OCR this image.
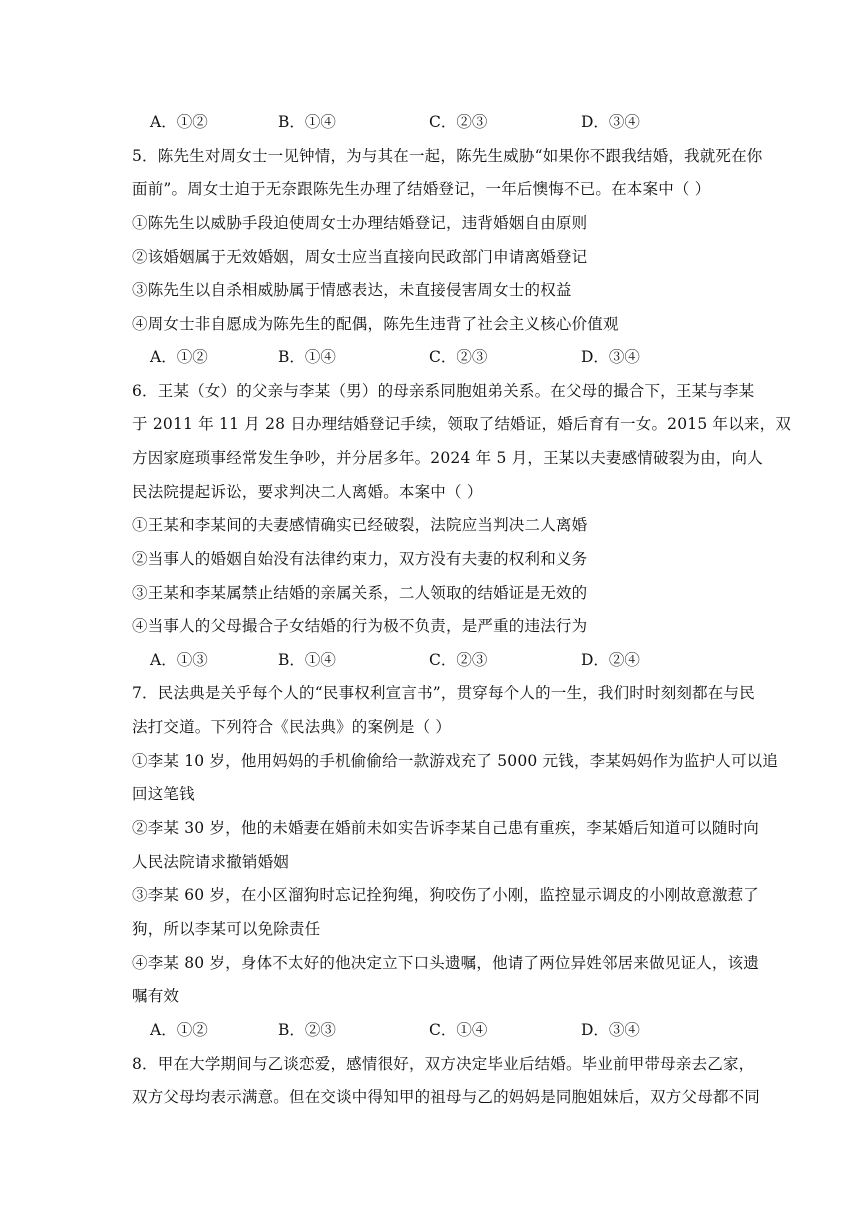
A．①②	B．①④	C．②③	D．③④
5．陈先生对周女士一见钟情，为与其在一起，陈先生威胁“如果你不跟我结婚，我就死在你
面前”。周女士迫于无奈跟陈先生办理了结婚登记，一年后懊悔不已。在本案中（ ）
①陈先生以威胁手段迫使周女士办理结婚登记，违背婚姻自由原则
②该婚姻属于无效婚姻，周女士应当直接向民政部门申请离婚登记
③陈先生以自杀相威胁属于情感表达，未直接侵害周女士的权益
④周女士非自愿成为陈先生的配偶，陈先生违背了社会主义核心价值观
A．①②	B．①④	C．②③	D．③④
6．王某（女）的父亲与李某（男）的母亲系同胞姐弟关系。在父母的撮合下，王某与李某
于 2011 年 11 月 28 日办理结婚登记手续，领取了结婚证，婚后育有一女。2015 年以来，双
方因家庭琐事经常发生争吵，并分居多年。2024 年 5 月，王某以夫妻感情破裂为由，向人
民法院提起诉讼，要求判决二人离婚。本案中（ ）
①王某和李某间的夫妻感情确实已经破裂，法院应当判决二人离婚
②当事人的婚姻自始没有法律约束力，双方没有夫妻的权利和义务
③王某和李某属禁止结婚的亲属关系，二人领取的结婚证是无效的
④当事人的父母撮合子女结婚的行为极不负责，是严重的违法行为
A．①③	B．①④	C．②③	D．②④
7．民法典是关乎每个人的“民事权利宣言书”，贯穿每个人的一生，我们时时刻刻都在与民
法打交道。下列符合《民法典》的案例是（ ）
①李某 10 岁，他用妈妈的手机偷偷给一款游戏充了 5000 元钱，李某妈妈作为监护人可以追
回这笔钱
②李某 30 岁，他的未婚妻在婚前未如实告诉李某自己患有重疾，李某婚后知道可以随时向
人民法院请求撤销婚姻
③李某 60 岁，在小区溜狗时忘记拴狗绳，狗咬伤了小刚，监控显示调皮的小刚故意激惹了
狗，所以李某可以免除责任
④李某 80 岁，身体不太好的他决定立下口头遗嘱，他请了两位异姓邻居来做见证人，该遗
嘱有效
A．①②	B．②③	C．①④	D．③④
8．甲在大学期间与乙谈恋爱，感情很好，双方决定毕业后结婚。毕业前甲带母亲去乙家，
双方父母均表示满意。但在交谈中得知甲的祖母与乙的妈妈是同胞姐妹后，双方父母都不同
